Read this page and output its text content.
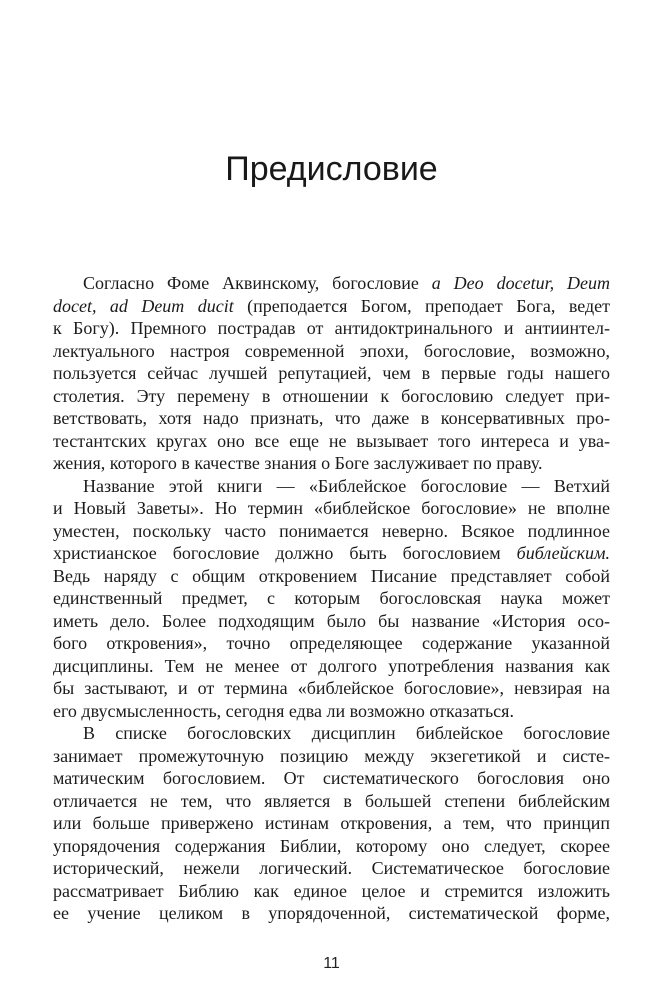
Предисловие
Согласно Фоме Аквинскому, богословие a Deo docetur, Deum
docet, ad Deum ducit (преподается Богом, преподает Бога, ведет
к Богу). Премного пострадав от антидоктринального и антиинтел-
лектуального настроя современной эпохи, богословие, возможно,
пользуется сейчас лучшей репутацией, чем в первые годы нашего
столетия. Эту перемену в отношении к богословию следует при-
ветствовать, хотя надо признать, что даже в консервативных про-
тестантских кругах оно все еще не вызывает того интереса и ува-
жения, которого в качестве знания о Боге заслуживает по праву.
Название этой книги — «Библейское богословие — Ветхий
и Новый Заветы». Но термин «библейское богословие» не вполне
уместен, поскольку часто понимается неверно. Всякое подлинное
христианское богословие должно быть богословием библейским.
Ведь наряду с общим откровением Писание представляет собой
единственный предмет, с которым богословская наука может
иметь дело. Более подходящим было бы название «История осо-
бого откровения», точно определяющее содержание указанной
дисциплины. Тем не менее от долгого употребления названия как
бы застывают, и от термина «библейское богословие», невзирая на
его двусмысленность, сегодня едва ли возможно отказаться.
В списке богословских дисциплин библейское богословие
занимает промежуточную позицию между экзегетикой и систе-
матическим богословием. От систематического богословия оно
отличается не тем, что является в большей степени библейским
или больше привержено истинам откровения, а тем, что принцип
упорядочения содержания Библии, которому оно следует, скорее
исторический, нежели логический. Систематическое богословие
рассматривает Библию как единое целое и стремится изложить
ее учение целиком в упорядоченной, систематической форме,
11
